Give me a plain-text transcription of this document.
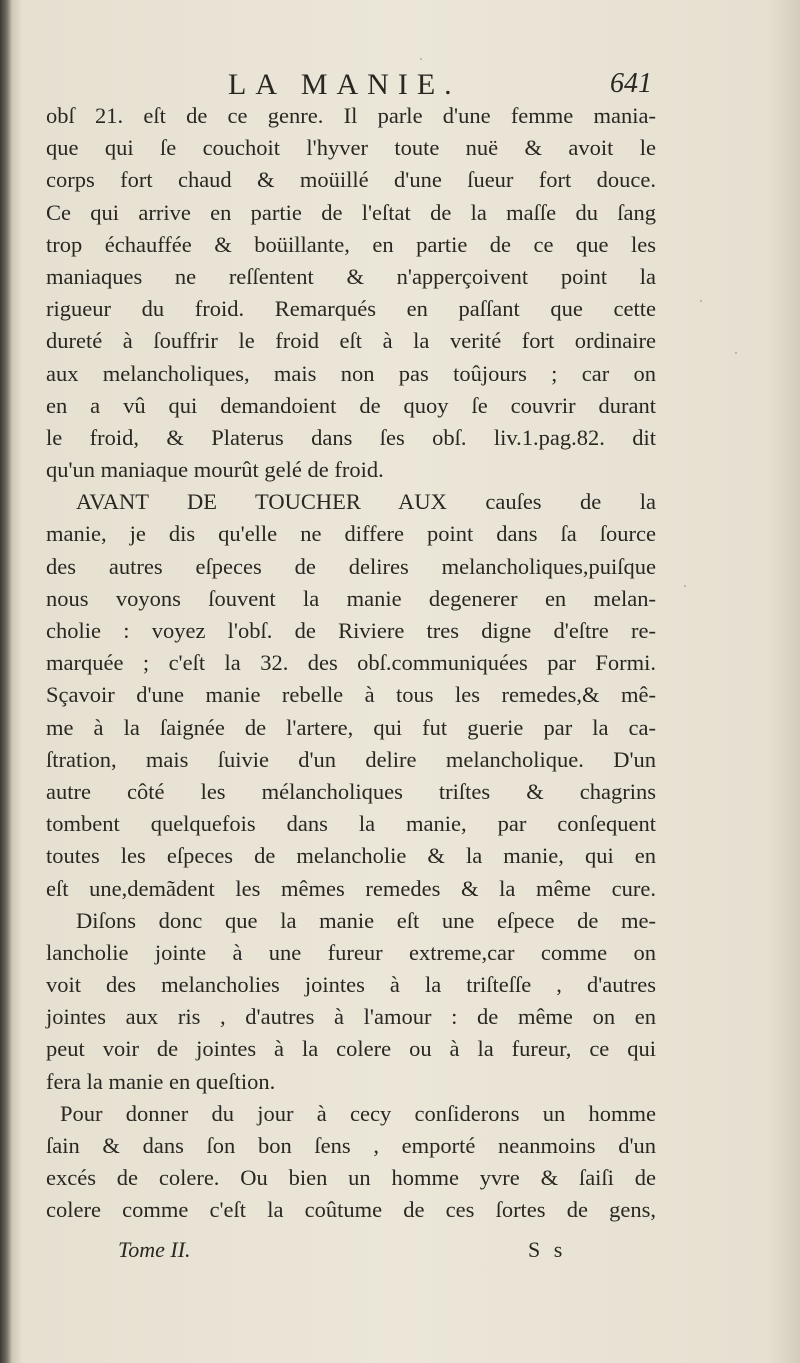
LA MANIE.	641
obſ 21. eſt de ce genre. Il parle d'une femme mania-
que qui ſe couchoit l'hyver toute nuë & avoit le
corps fort chaud & moüillé d'une ſueur fort douce.
Ce qui arrive en partie de l'eſtat de la maſſe du ſang
trop échauffée & boüillante, en partie de ce que les
maniaques ne reſſentent & n'apperçoivent point la
rigueur du froid. Remarqués en paſſant que cette
dureté à ſouffrir le froid eſt à la verité fort ordinaire
aux melancholiques, mais non pas toûjours ; car on
en a vû qui demandoient de quoy ſe couvrir durant
le froid, & Platerus dans ſes obſ. liv.1.pag.82. dit
qu'un maniaque mourût gelé de froid.
AVANT DE TOUCHER AUX cauſes de la
manie, je dis qu'elle ne differe point dans ſa ſource
des autres eſpeces de delires melancholiques,puiſque
nous voyons ſouvent la manie degenerer en melan-
cholie : voyez l'obſ. de Riviere tres digne d'eſtre re-
marquée ; c'eſt la 32. des obſ.communiquées par Formi.
Sçavoir d'une manie rebelle à tous les remedes,& mê-
me à la ſaignée de l'artere, qui fut guerie par la ca-
ſtration, mais ſuivie d'un delire melancholique. D'un
autre côté les mélancholiques triſtes & chagrins
tombent quelquefois dans la manie, par conſequent
toutes les eſpeces de melancholie & la manie, qui en
eſt une,demãdent les mêmes remedes & la même cure.
Diſons donc que la manie eſt une eſpece de me-
lancholie jointe à une fureur extreme,car comme on
voit des melancholies jointes à la triſteſſe , d'autres
jointes aux ris , d'autres à l'amour : de même on en
peut voir de jointes à la colere ou à la fureur, ce qui
fera la manie en queſtion.
Pour donner du jour à cecy conſiderons un homme
ſain & dans ſon bon ſens , emporté neanmoins d'un
excés de colere. Ou bien un homme yvre & ſaiſi de
colere comme c'eſt la coûtume de ces ſortes de gens,
Tome II.	S s
